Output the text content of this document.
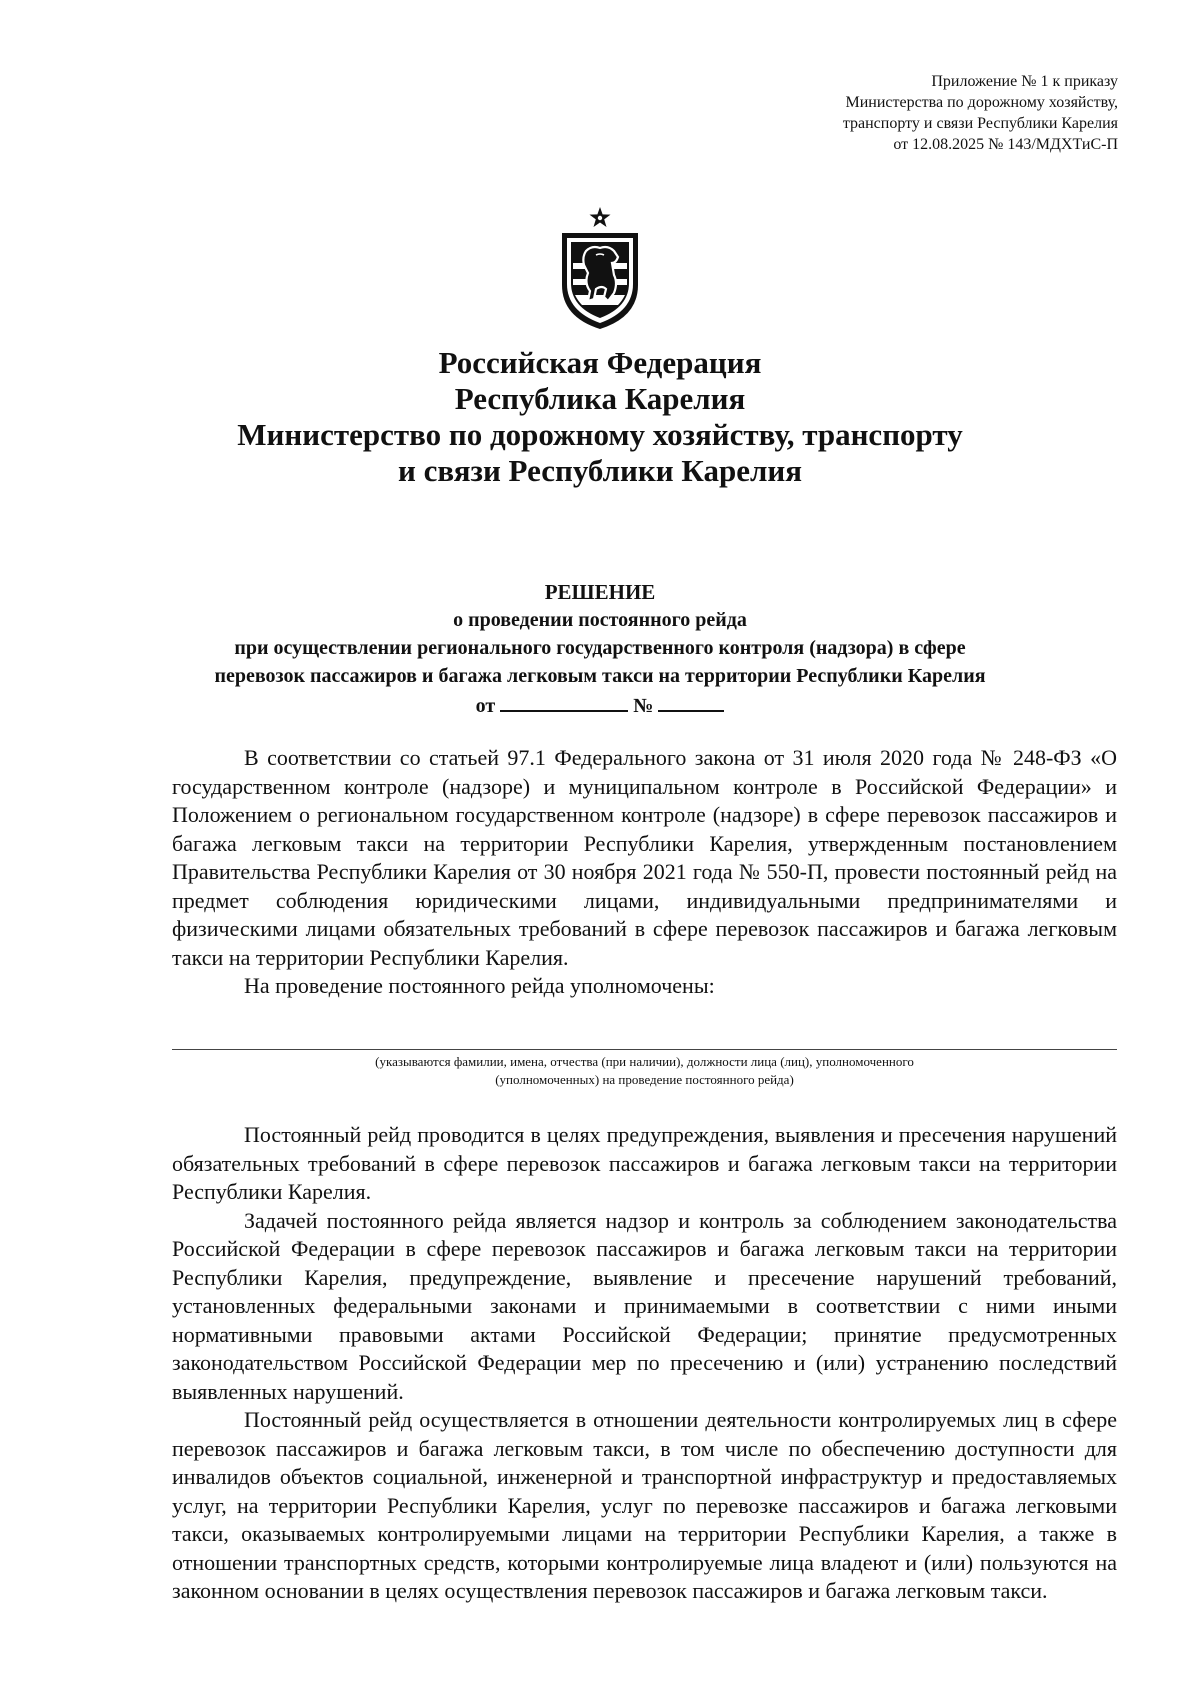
Приложение № 1 к приказу
Министерства по дорожному хозяйству,
транспорту и связи Республики Карелия
от 12.08.2025 № 143/МДХТиС-П
Российская Федерация
Республика Карелия
Министерство по дорожному хозяйству, транспорту
и связи Республики Карелия
РЕШЕНИЕ
о проведении постоянного рейда
при осуществлении регионального государственного контроля (надзора) в сфере
перевозок пассажиров и багажа легковым такси на территории Республики Карелия
от	№

В соответствии со статьей 97.1 Федерального закона от 31 июля 2020 года № 248-ФЗ «О государственном контроле (надзоре) и муниципальном контроле в Российской Федерации» и Положением о региональном государственном контроле (надзоре) в сфере перевозок пассажиров и багажа легковым такси на территории Республики Карелия, утвержденным постановлением Правительства Республики Карелия от 30 ноября 2021 года № 550-П, провести постоянный рейд на предмет соблюдения юридическими лицами, индивидуальными предпринимателями и физическими лицами обязательных требований в сфере перевозок пассажиров и багажа легковым такси на территории Республики Карелия.

На проведение постоянного рейда уполномочены:

(указываются фамилии, имена, отчества (при наличии), должности лица (лиц), уполномоченного
(уполномоченных) на проведение постоянного рейда)

Постоянный рейд проводится в целях предупреждения, выявления и пресечения нарушений обязательных требований в сфере перевозок пассажиров и багажа легковым такси на территории Республики Карелия.

Задачей постоянного рейда является надзор и контроль за соблюдением законодательства Российской Федерации в сфере перевозок пассажиров и багажа легковым такси на территории Республики Карелия, предупреждение, выявление и пресечение нарушений требований, установленных федеральными законами и принимаемыми в соответствии с ними иными нормативными правовыми актами Российской Федерации; принятие предусмотренных законодательством Российской Федерации мер по пресечению и (или) устранению последствий выявленных нарушений.

Постоянный рейд осуществляется в отношении деятельности контролируемых лиц в сфере перевозок пассажиров и багажа легковым такси, в том числе по обеспечению доступности для инвалидов объектов социальной, инженерной и транспортной инфраструктур и предоставляемых услуг, на территории Республики Карелия, услуг по перевозке пассажиров и багажа легковыми такси, оказываемых контролируемыми лицами на территории Республики Карелия, а также в отношении транспортных средств, которыми контролируемые лица владеют и (или) пользуются на законном основании в целях осуществления перевозок пассажиров и багажа легковым такси.
